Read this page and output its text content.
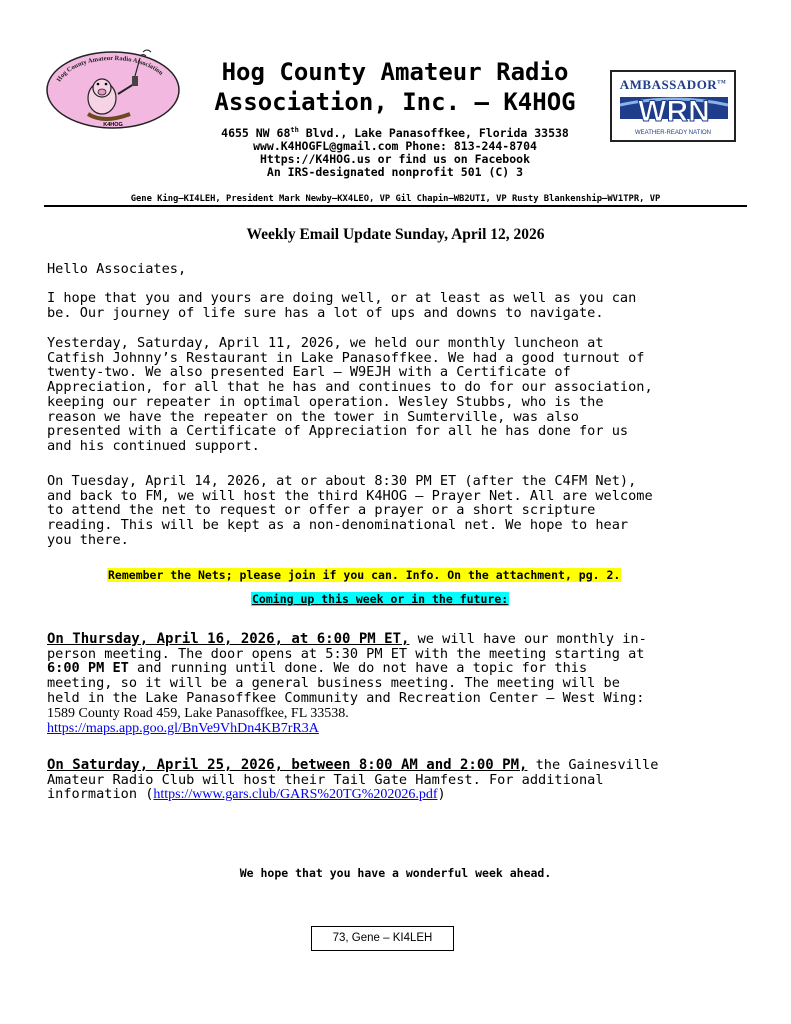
K4HOG
Hog County Amateur Radio Association	Hog County Amateur Radio
Association, Inc. – K4HOG
4655 NW 68th Blvd., Lake Panasoffkee, Florida 33538
www.K4HOGFL@gmail.com Phone: 813-244-8704
Https://K4HOG.us or find us on Facebook
An IRS-designated nonprofit 501 (C) 3
AMBASSADOR™
WRN
WEATHER-READY NATION
Gene King–KI4LEH, President Mark Newby–KX4LEO, VP Gil Chapin–WB2UTI, VP Rusty Blankenship–WV1TPR, VP
Weekly Email Update Sunday, April 12, 2026
Hello Associates,
I hope that you and yours are doing well, or at least as well as you can
be. Our journey of life sure has a lot of ups and downs to navigate.
Yesterday, Saturday, April 11, 2026, we held our monthly luncheon at
Catfish Johnny’s Restaurant in Lake Panasoffkee. We had a good turnout of
twenty-two. We also presented Earl – W9EJH with a Certificate of
Appreciation, for all that he has and continues to do for our association,
keeping our repeater in optimal operation. Wesley Stubbs, who is the
reason we have the repeater on the tower in Sumterville, was also
presented with a Certificate of Appreciation for all he has done for us
and his continued support.
On Tuesday, April 14, 2026, at or about 8:30 PM ET (after the C4FM Net),
and back to FM, we will host the third K4HOG – Prayer Net. All are welcome
to attend the net to request or offer a prayer or a short scripture
reading. This will be kept as a non-denominational net. We hope to hear
you there.
Remember the Nets; please join if you can. Info. On the attachment, pg. 2.
Coming up this week or in the future:
On Thursday, April 16, 2026, at 6:00 PM ET, we will have our monthly in-
person meeting. The door opens at 5:30 PM ET with the meeting starting at
6:00 PM ET and running until done. We do not have a topic for this
meeting, so it will be a general business meeting. The meeting will be
held in the Lake Panasoffkee Community and Recreation Center – West Wing:
1589 County Road 459, Lake Panasoffkee, FL 33538.
https://maps.app.goo.gl/BnVe9VhDn4KB7rR3A
On Saturday, April 25, 2026, between 8:00 AM and 2:00 PM, the Gainesville
Amateur Radio Club will host their Tail Gate Hamfest. For additional
information (https://www.gars.club/GARS%20TG%202026.pdf)
We hope that you have a wonderful week ahead.
73, Gene – KI4LEH
